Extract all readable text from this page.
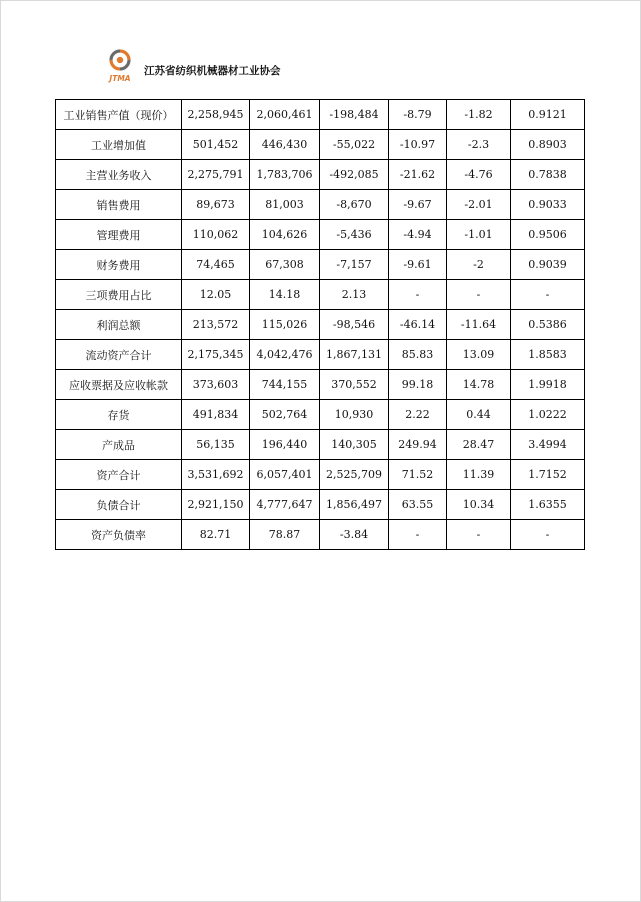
JTMA
江苏省纺织机械器材工业协会
工业销售产值（现价）	2,258,945	2,060,461	-198,484	-8.79	-1.82	0.9121
工业增加值	501,452	446,430	-55,022	-10.97	-2.3	0.8903
主营业务收入	2,275,791	1,783,706	-492,085	-21.62	-4.76	0.7838
销售费用	89,673	81,003	-8,670	-9.67	-2.01	0.9033
管理费用	110,062	104,626	-5,436	-4.94	-1.01	0.9506
财务费用	74,465	67,308	-7,157	-9.61	-2	0.9039
三项费用占比	12.05	14.18	2.13	-	-	-
利润总额	213,572	115,026	-98,546	-46.14	-11.64	0.5386
流动资产合计	2,175,345	4,042,476	1,867,131	85.83	13.09	1.8583
应收票据及应收帐款	373,603	744,155	370,552	99.18	14.78	1.9918
存货	491,834	502,764	10,930	2.22	0.44	1.0222
产成品	56,135	196,440	140,305	249.94	28.47	3.4994
资产合计	3,531,692	6,057,401	2,525,709	71.52	11.39	1.7152
负债合计	2,921,150	4,777,647	1,856,497	63.55	10.34	1.6355
资产负债率	82.71	78.87	-3.84	-	-	-
